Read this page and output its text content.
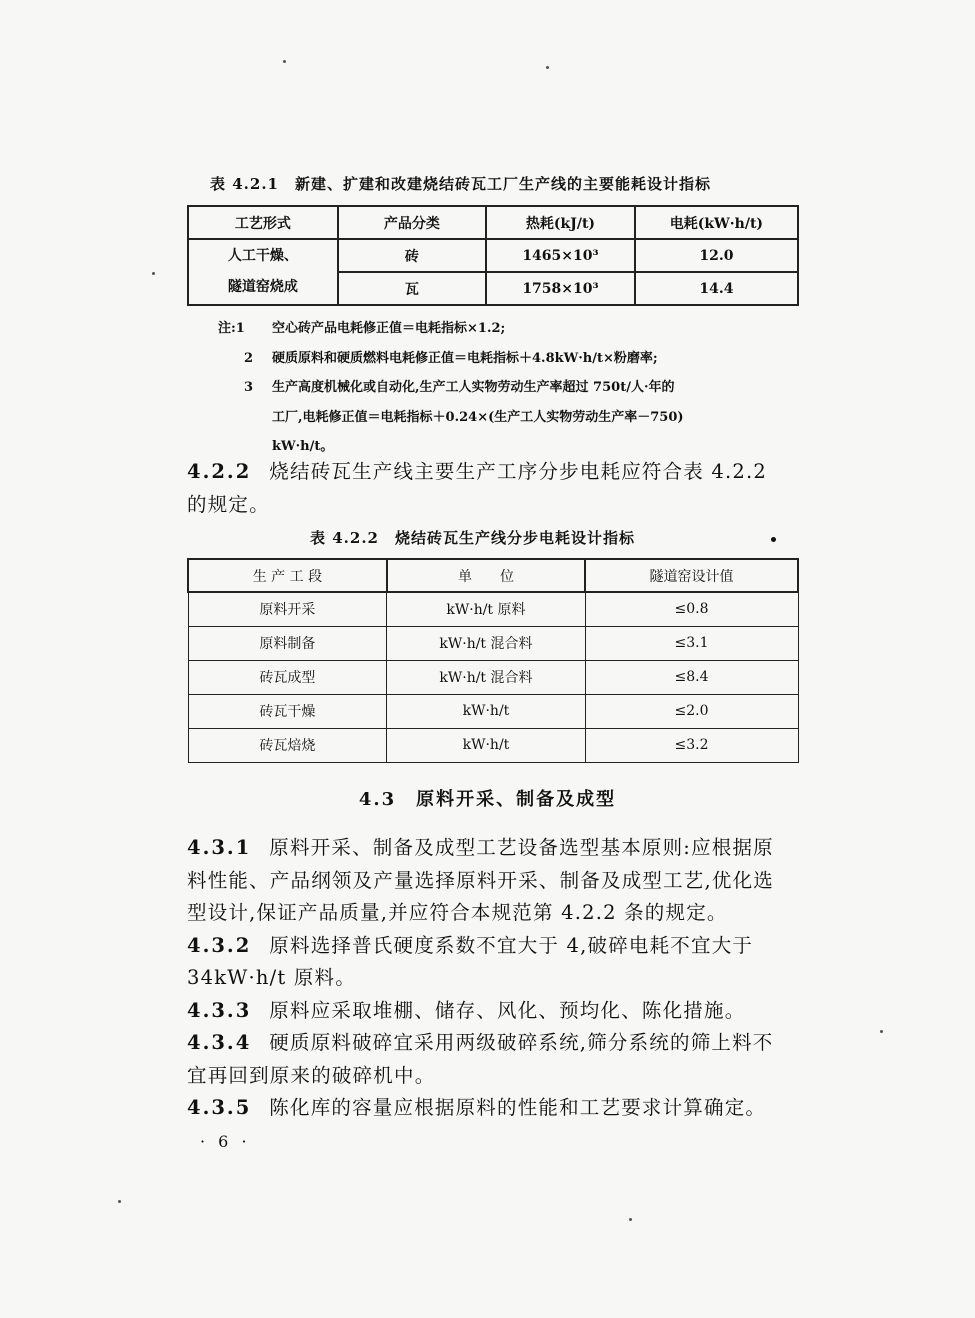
表 4.2.1　新建、扩建和改建烧结砖瓦工厂生产线的主要能耗设计指标
工艺形式	产品分类	热耗(kJ/t)	电耗(kW·h/t)

人工干燥、
隧道窑烧成	砖	1465×10³	12.0
	瓦	1758×10³	14.4
注:1	空心砖产品电耗修正值＝电耗指标×1.2;
2	硬质原料和硬质燃料电耗修正值＝电耗指标＋4.8kW·h/t×粉磨率;
3	生产高度机械化或自动化,生产工人实物劳动生产率超过 750t/人·年的
工厂,电耗修正值＝电耗指标＋0.24×(生产工人实物劳动生产率－750)
kW·h/t。
4.2.2 烧结砖瓦生产线主要生产工序分步电耗应符合表 4.2.2
的规定。
表 4.2.2　烧结砖瓦生产线分步电耗设计指标
生 产 工 段	单　　位	隧道窑设计值
原料开采	kW·h/t 原料	≤0.8
原料制备	kW·h/t 混合料	≤3.1
砖瓦成型	kW·h/t 混合料	≤8.4
砖瓦干燥	kW·h/t	≤2.0
砖瓦焙烧	kW·h/t	≤3.2
4.3 原料开采、制备及成型
4.3.1 原料开采、制备及成型工艺设备选型基本原则:应根据原
料性能、产品纲领及产量选择原料开采、制备及成型工艺,优化选
型设计,保证产品质量,并应符合本规范第 4.2.2 条的规定。
4.3.2 原料选择普氏硬度系数不宜大于 4,破碎电耗不宜大于
34kW·h/t 原料。
4.3.3 原料应采取堆棚、储存、风化、预均化、陈化措施。
4.3.4 硬质原料破碎宜采用两级破碎系统,筛分系统的筛上料不
宜再回到原来的破碎机中。
4.3.5 陈化库的容量应根据原料的性能和工艺要求计算确定。
· 6 ·
